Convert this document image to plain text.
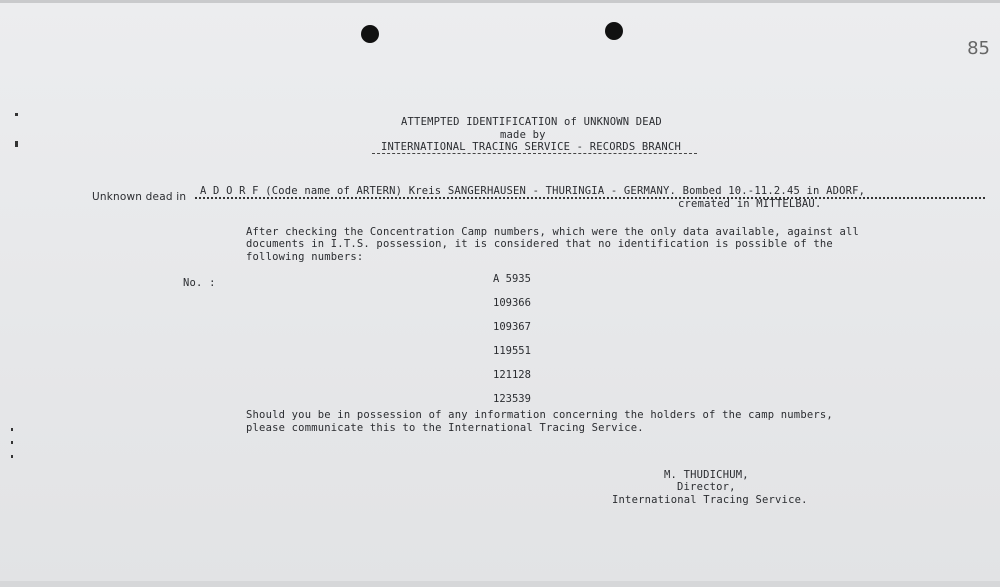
85
ATTEMPTED IDENTIFICATION of UNKNOWN DEAD
made by
INTERNATIONAL TRACING SERVICE - RECORDS BRANCH
Unknown dead in A D O R F (Code name of ARTERN) Kreis SANGERHAUSEN - THURINGIA - GERMANY. Bombed 10.-11.2.45 in ADORF,
cremated in MITTELBAU.
After checking the Concentration Camp numbers, which were the only data available, against all
documents in I.T.S. possession, it is considered that no identification is possible of the
following numbers:
No. :	A 5935
109366
109367
119551
121128
123539
Should you be in possession of any information concerning the holders of the camp numbers,
please communicate this to the International Tracing Service.
M. THUDICHUM,
Director,
International Tracing Service.
